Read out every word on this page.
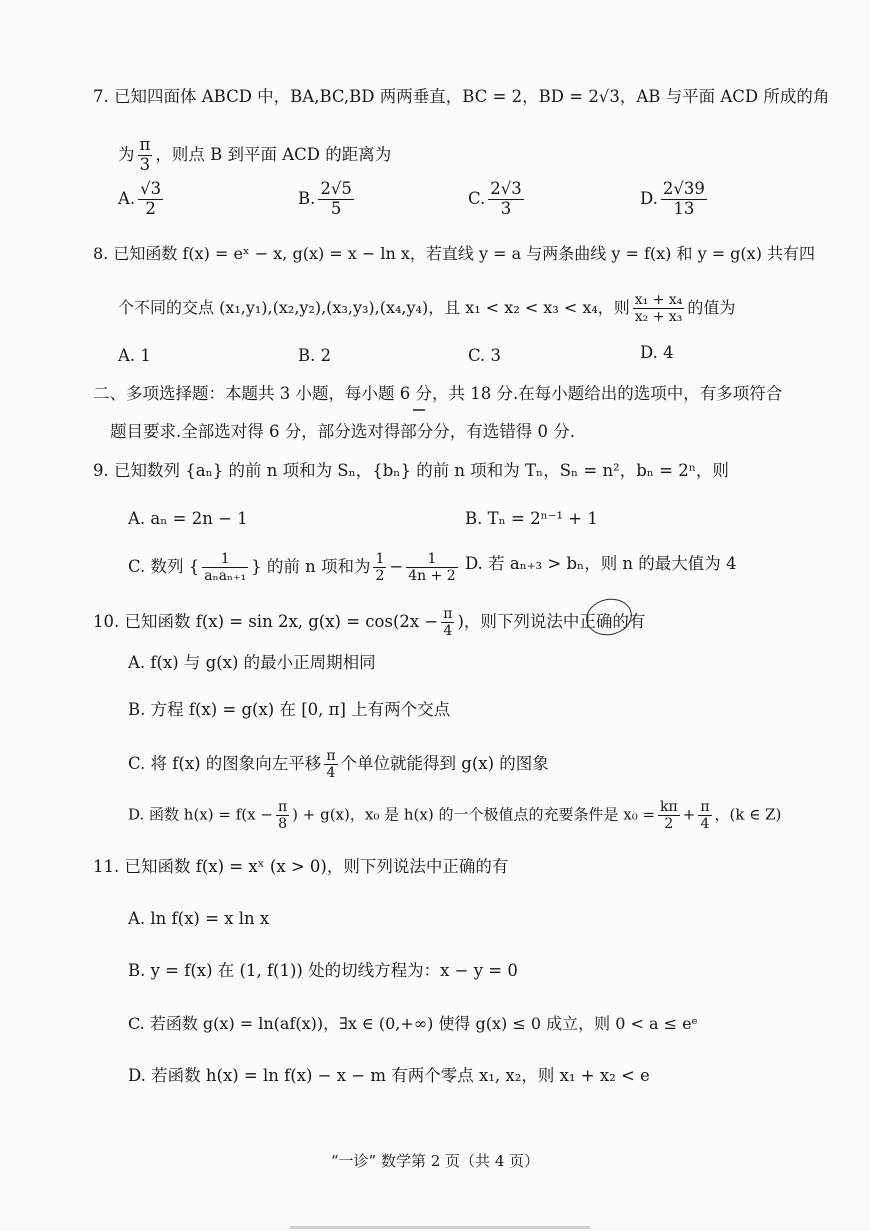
7. 已知四面体 ABCD 中，BA,BC,BD 两两垂直，BC = 2，BD = 2√3，AB 与平面 ACD 所成的角
为 $\frac{\pi}{3}$ ，则点 B 到平面 ACD 的距离为
A. $\frac{√3}{2}$	B. $\frac{2√5}{5}$	C. $\frac{2√3}{3}$	D. $\frac{2√39}{13}$
8. 已知函数 f(x) = eˣ − x, g(x) = x − ln x，若直线 y = a 与两条曲线 y = f(x) 和 y = g(x) 共有四
个不同的交点 (x₁,y₁),(x₂,y₂),(x₃,y₃),(x₄,y₄)，且 x₁ < x₂ < x₃ < x₄，则 $\frac{\text{x₁ + x₄}}{\text{x₂ + x₃}}$ 的值为
A. 1	B. 2	C. 3	D. 4
二、多项选择题：本题共 3 小题，每小题 6 分，共 18 分.在每小题给出的选项中，有多项符合
题目要求.全部选对得 6 分，部分选对得部分分，有选错得 0 分.
9. 已知数列 {aₙ} 的前 n 项和为 Sₙ，{bₙ} 的前 n 项和为 Tₙ，Sₙ = n²，bₙ = 2ⁿ，则
A. aₙ = 2n − 1	B. Tₙ = 2ⁿ⁻¹ + 1
C. 数列 { $\frac{1}{\text{aₙaₙ₊₁}}$ } 的前 n 项和为 $\frac{1}{2} - \frac{1}{4n + 2} D$. 若 aₙ₊₃ > bₙ，则 n 的最大值为 4
10. 已知函数 f(x) = sin 2x, $g(x) = \cos(2x - \frac{\pi}{4}$ )，则下列说法中正确的有
A. f(x) 与 g(x) 的最小正周期相同
B. 方程 f(x) = g(x) 在 [0, π] 上有两个交点
C. 将 f(x) 的图象向左平移 $\frac{\pi}{4}$ 个单位就能得到 g(x) 的图象
D. 函数 $h(x) = f(x - \frac{\pi}{8}$ ) + g(x)，x₀ 是 h(x) 的一个极值点的充要条件是 $x_0 = \frac{k\pi}{2} + \frac{\pi}{4}$ ，(k ∈ Z)
11. 已知函数 f(x) = xˣ (x > 0)，则下列说法中正确的有
A. ln f(x) = x ln x
B. y = f(x) 在 (1, f(1)) 处的切线方程为：x − y = 0
C. 若函数 g(x) = ln(af(x))，∃x ∈ (0,+∞) 使得 g(x) ≤ 0 成立，则 0 < a ≤ eᵉ
D. 若函数 h(x) = ln f(x) − x − m 有两个零点 x₁, x₂，则 x₁ + x₂ < e
“一诊” 数学第 2 页（共 4 页）
